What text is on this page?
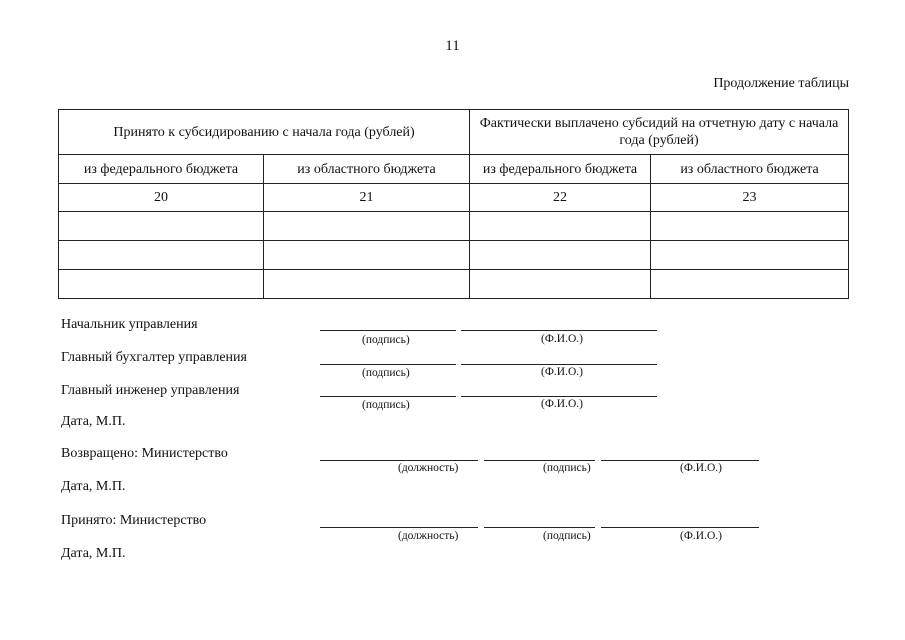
11
Продолжение таблицы
Принято к субсидированию с начала года (рублей)		Фактически выплачено субсидий на отчетную дату с начала года (рублей)	
из федерального бюджета	из областного бюджета	из федерального бюджета	из областного бюджета
20	21	22	23

Начальник управления
(подпись)	(Ф.И.О.)
Главный бухгалтер управления
(подпись)	(Ф.И.О.)
Главный инженер управления
(подпись)	(Ф.И.О.)
Дата, М.П.
Возвращено: Министерство
(должность)	(подпись)	(Ф.И.О.)
Дата, М.П.
Принято: Министерство
(должность)	(подпись)	(Ф.И.О.)
Дата, М.П.
